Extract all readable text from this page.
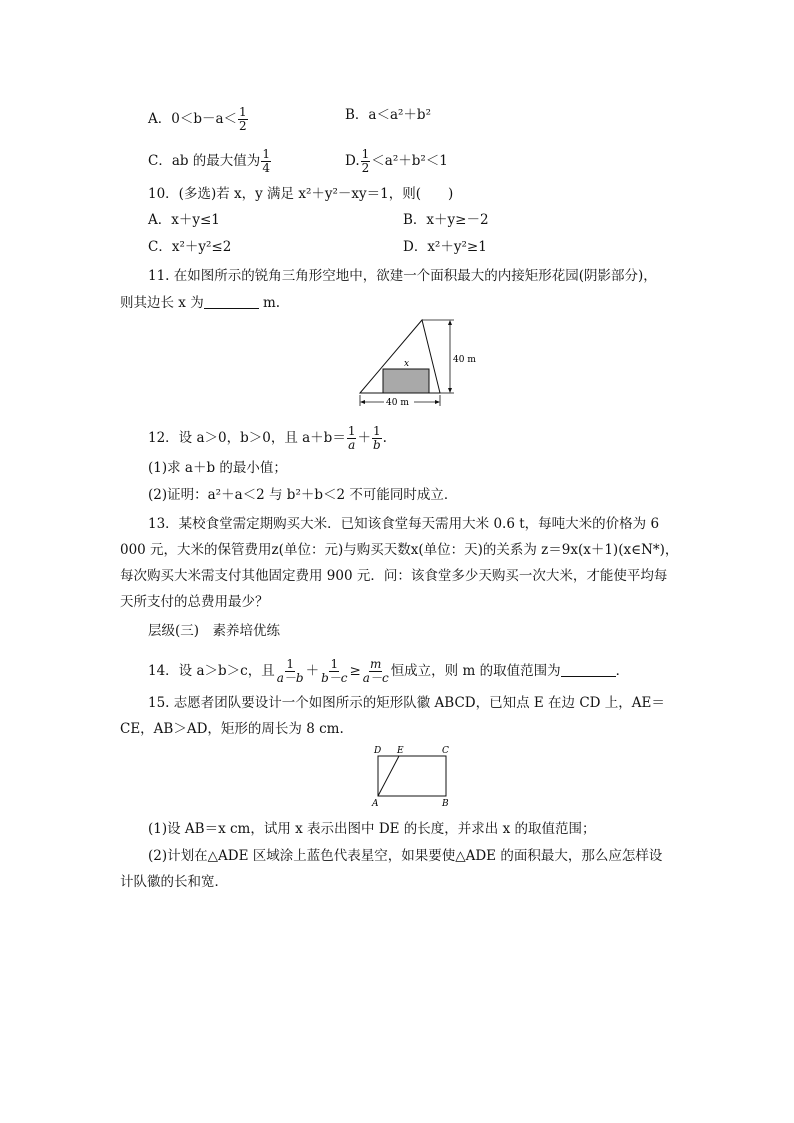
A．$0<b-a< \frac{1}{2}$	B．a＜a²＋b²
C．ab 的最大值为 $\frac{1}{4}$	D. $\frac{1}{2} <a^2+b^2<1$
10．(多选)若 x，y 满足 x²＋y²－xy＝1，则(　　)
A．x＋y≤1	B．x＋y≥－2
C．x²＋y²≤2	D．x²＋y²≥1
11. 在如图所示的锐角三角形空地中，欲建一个面积最大的内接矩形花园(阴影部分)，
则其边长 x 为	m.
40 m
40 m
x
12．设 a＞0，b＞0，且 $a+b= \frac{1}{a} + \frac{1}{b}$ .
(1)求 a＋b 的最小值；
(2)证明：a²＋a＜2 与 b²＋b＜2 不可能同时成立．
13．某校食堂需定期购买大米．已知该食堂每天需用大米 0.6 t，每吨大米的价格为 6
000 元，大米的保管费用z(单位：元)与购买天数x(单位：天)的关系为 z＝9x(x＋1)(x∈N*)，
每次购买大米需支付其他固定费用 900 元．问：该食堂多少天购买一次大米，才能使平均每
天所支付的总费用最少？
层级(三)　素养培优练
14．设 a＞b＞c，且 $\frac{1}{a-b} + \frac{1}{b-c} \ge \frac{m}{a-c}$ 恒成立，则 m 的取值范围为	．
15. 志愿者团队要设计一个如图所示的矩形队徽 ABCD，已知点 E 在边 CD 上，AE＝
CE，AB＞AD，矩形的周长为 8 cm.
D E	C
A	B
(1)设 AB＝x cm，试用 x 表示出图中 DE 的长度，并求出 x 的取值范围；
(2)计划在△ADE 区域涂上蓝色代表星空，如果要使△ADE 的面积最大，那么应怎样设
计队徽的长和宽．
